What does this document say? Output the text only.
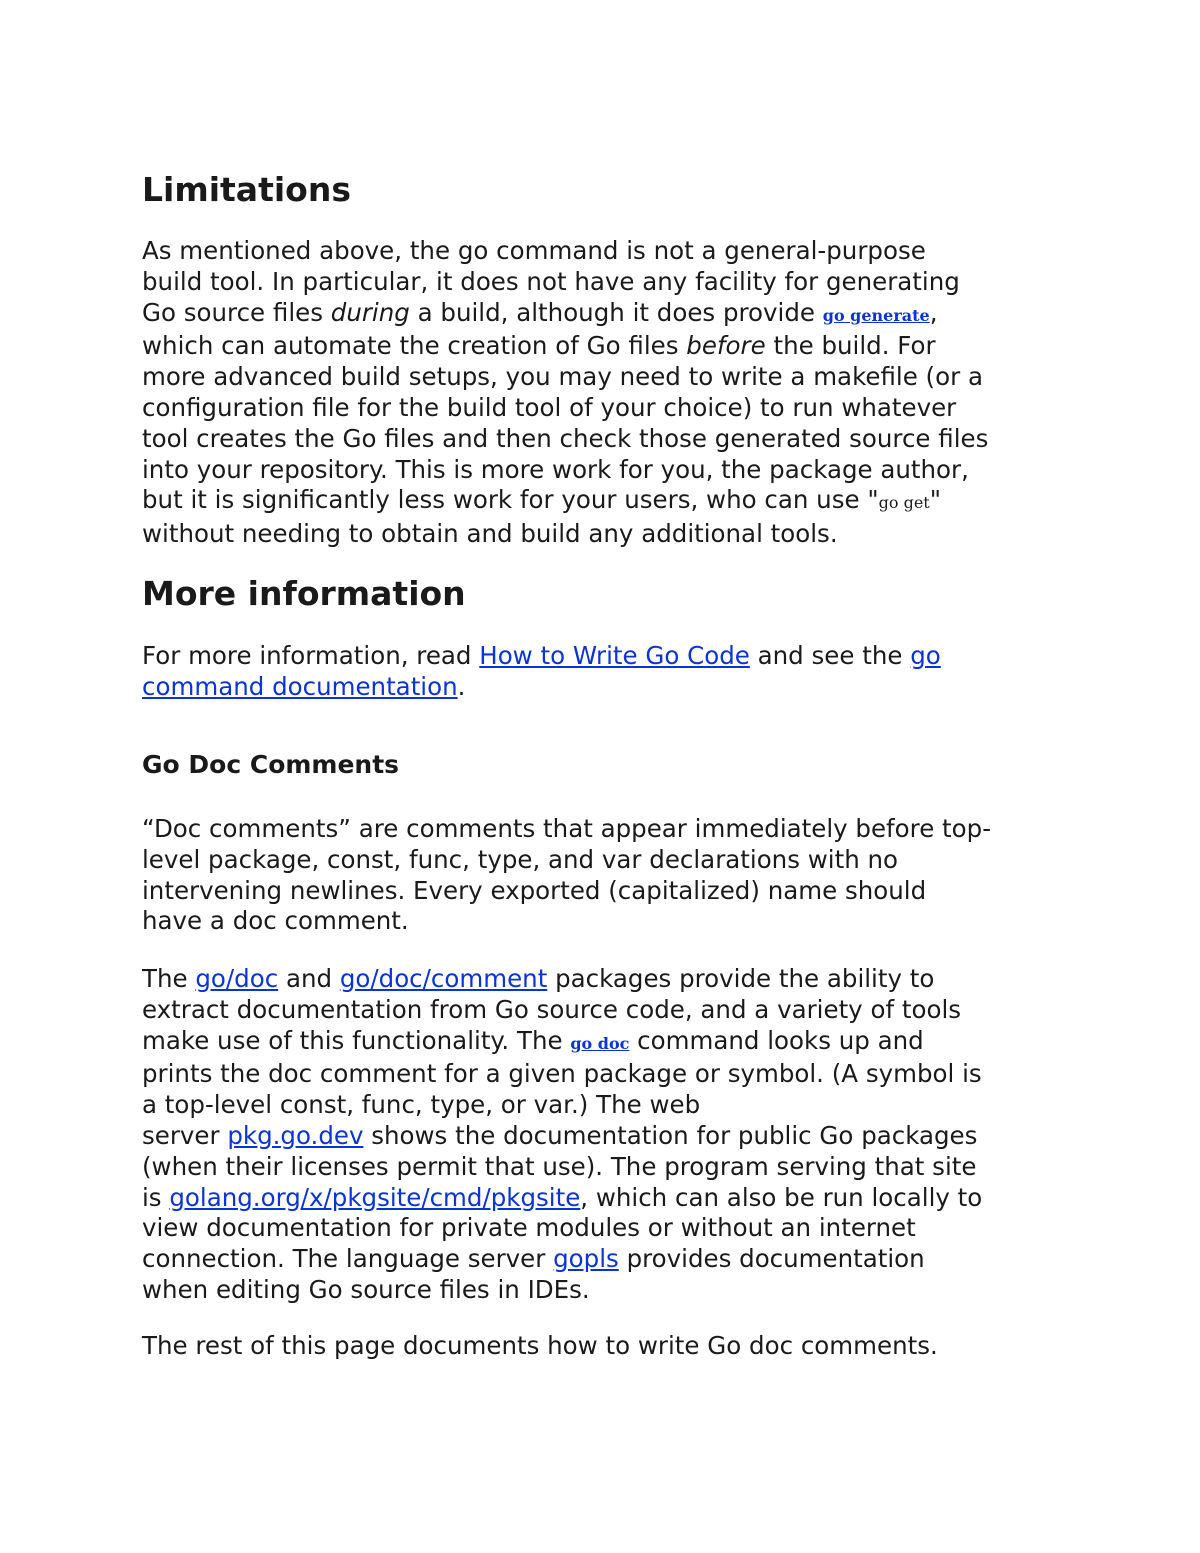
Limitations

As mentioned above, the go command is not a general-purpose
build tool. In particular, it does not have any facility for generating
Go source files during a build, although it does provide go generate,
which can automate the creation of Go files before the build. For
more advanced build setups, you may need to write a makefile (or a
configuration file for the build tool of your choice) to run whatever
tool creates the Go files and then check those generated source files
into your repository. This is more work for you, the package author,
but it is significantly less work for your users, who can use "go get"
without needing to obtain and build any additional tools.

More information

For more information, read How to Write Go Code and see the go
command documentation.

Go Doc Comments

“Doc comments” are comments that appear immediately before top-
level package, const, func, type, and var declarations with no
intervening newlines. Every exported (capitalized) name should
have a doc comment.

The go/doc and go/doc/comment packages provide the ability to
extract documentation from Go source code, and a variety of tools
make use of this functionality. The go doc command looks up and
prints the doc comment for a given package or symbol. (A symbol is
a top-level const, func, type, or var.) The web
server pkg.go.dev shows the documentation for public Go packages
(when their licenses permit that use). The program serving that site
is golang.org/x/pkgsite/cmd/pkgsite, which can also be run locally to
view documentation for private modules or without an internet
connection. The language server gopls provides documentation
when editing Go source files in IDEs.

The rest of this page documents how to write Go doc comments.
